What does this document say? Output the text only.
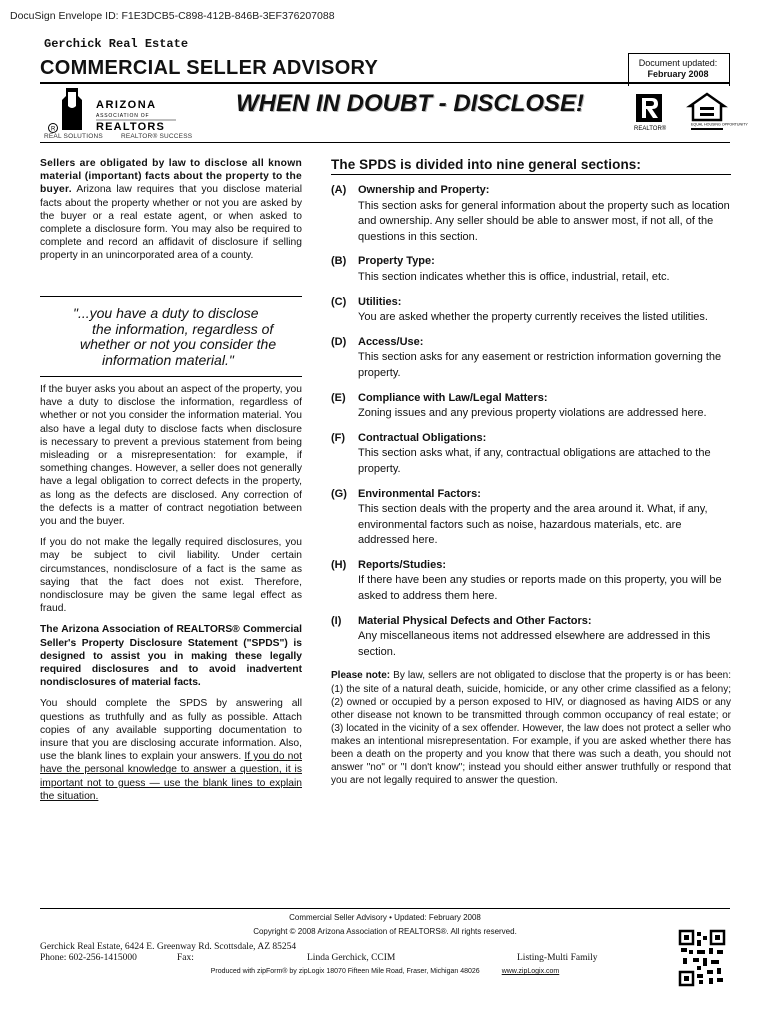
DocuSign Envelope ID: F1E3DCB5-C898-412B-846B-3EF376207088
Gerchick Real Estate
COMMERCIAL SELLER ADVISORY	Document updated:
February 2008
R
ARIZONA
ASSOCIATION OF
REALTORS
REAL SOLUTIONS	REALTOR® SUCCESS
WHEN IN DOUBT - DISCLOSE!
REALTOR®
EQUAL HOUSING OPPORTUNITY

Sellers are obligated by law to disclose all known material (important) facts about the property to the buyer. Arizona law requires that you disclose material facts about the property whether or not you are asked by the buyer or a real estate agent, or when asked to complete a disclosure form. You may also be required to complete and record an affidavit of disclosure if selling property in an unincorporated area of a county.

"...you have a duty to disclose
the information, regardless of
whether or not you consider the
information material."

If the buyer asks you about an aspect of the property, you have a duty to disclose the information, regardless of whether or not you consider the information material. You also have a legal duty to disclose facts when disclosure is necessary to prevent a previous statement from being misleading or a misrepresentation: for example, if something changes. However, a seller does not generally have a legal obligation to correct defects in the property, as long as the defects are disclosed. Any correction of the defects is a matter of contract negotiation between you and the buyer.

If you do not make the legally required disclosures, you may be subject to civil liability. Under certain circumstances, nondisclosure of a fact is the same as saying that the fact does not exist. Therefore, nondisclosure may be given the same legal effect as fraud.

The Arizona Association of REALTORS® Commercial Seller's Property Disclosure Statement ("SPDS") is designed to assist you in making these legally required disclosures and to avoid inadvertent nondisclosures of material facts.

You should complete the SPDS by answering all questions as truthfully and as fully as possible. Attach copies of any available supporting documentation to insure that you are disclosing accurate information. Also, use the blank lines to explain your answers. If you do not have the personal knowledge to answer a question, it is important not to guess — use the blank lines to explain the situation.

The SPDS is divided into nine general sections:
(A)	Ownership and Property:
This section asks for general information about the property such as location and ownership. Any seller should be able to answer most, if not all, of the questions in this section.
(B)	Property Type:
This section indicates whether this is office, industrial, retail, etc.
(C)	Utilities:
You are asked whether the property currently receives the listed utilities.
(D)	Access/Use:
This section asks for any easement or restriction information governing the property.
(E)	Compliance with Law/Legal Matters:
Zoning issues and any previous property violations are addressed here.
(F)	Contractual Obligations:
This section asks what, if any, contractual obligations are attached to the property.
(G)	Environmental Factors:
This section deals with the property and the area around it. What, if any, environmental factors such as noise, hazardous materials, etc. are addressed here.
(H)	Reports/Studies:
If there have been any studies or reports made on this property, you will be asked to address them here.
(I)	Material Physical Defects and Other Factors:
Any miscellaneous items not addressed elsewhere are addressed in this section.
Please note: By law, sellers are not obligated to disclose that the property is or has been: (1) the site of a natural death, suicide, homicide, or any other crime classified as a felony; (2) owned or occupied by a person exposed to HIV, or diagnosed as having AIDS or any other disease not known to be transmitted through common occupancy of real estate; or (3) located in the vicinity of a sex offender. However, the law does not protect a seller who makes an intentional misrepresentation. For example, if you are asked whether there has been a death on the property and you know that there was such a death, you should not answer "no" or "I don't know"; instead you should either answer truthfully or respond that you are not legally required to answer the question.
Commercial Seller Advisory • Updated: February 2008
Copyright © 2008 Arizona Association of REALTORS®. All rights reserved.
Gerchick Real Estate, 6424 E. Greenway Rd. Scottsdale, AZ 85254
Phone: 602-256-1415000	Fax:	Linda Gerchick, CCIM	Listing-Multi Family
Produced with zipForm® by zipLogix 18070 Fifteen Mile Road, Fraser, Michigan 48026	www.zipLogix.com
